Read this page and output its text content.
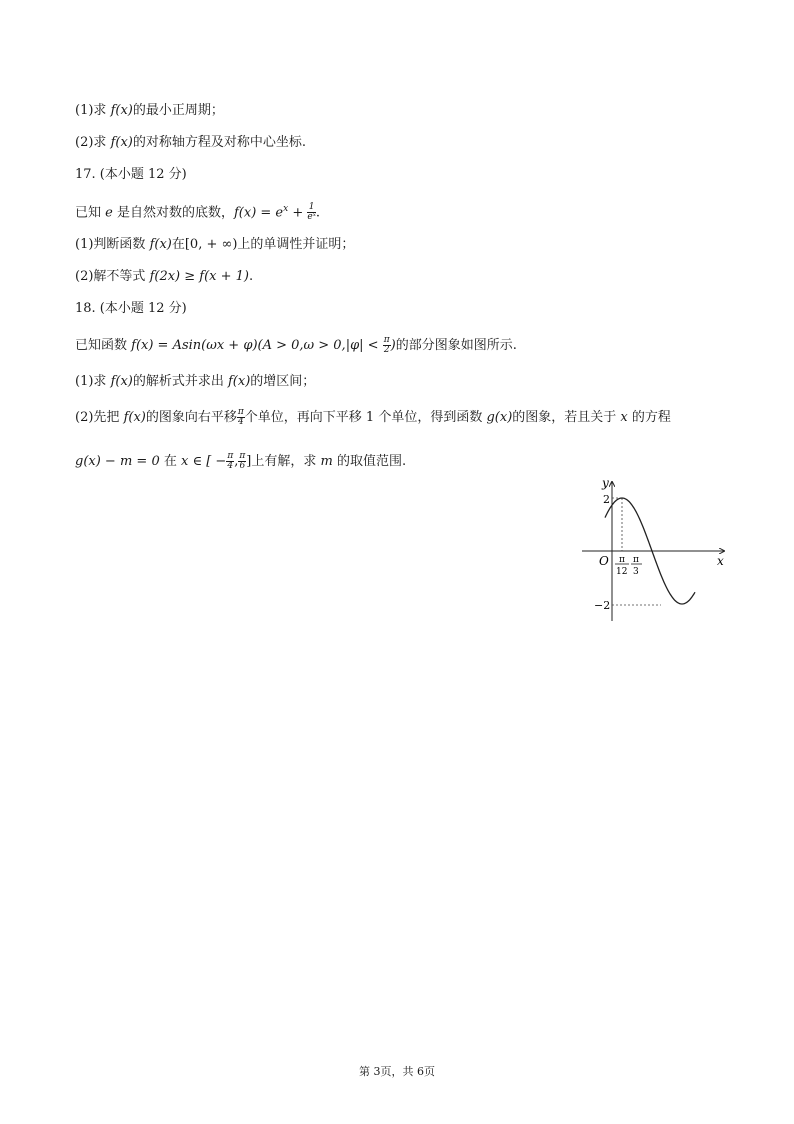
(1)求 f(x)的最小正周期；
(2)求 f(x)的对称轴方程及对称中心坐标.
17. (本小题 12 分)
已知 e 是自然对数的底数，$f(x) = e^x + \frac{1}{\text{eˣ}}$ .
(1)判断函数 f(x)在[0, + ∞)上的单调性并证明；
(2)解不等式 f(2x) ≥ f(x + 1).
18. (本小题 12 分)
已知函数 $f(x) = Asin(\omega x + \varphi)(A > 0,\omega > 0,|\varphi| < \frac{\pi}{2}$ )的部分图象如图所示.
(1)求 f(x)的解析式并求出 f(x)的增区间；
(2)先把 f(x)的图象向右平移 $\frac{\pi}{4}$ 个单位，再向下平移 1 个单位，得到函数 g(x)的图象，若且关于 x 的方程
g(x) − m = 0 在 x ∈ [ − $\frac{\pi}{4}$ , $\frac{\pi}{6}$ ]上有解，求 m 的取值范围.
y
x
O
2
−2
π
12
π
3
第 3页，共 6页
